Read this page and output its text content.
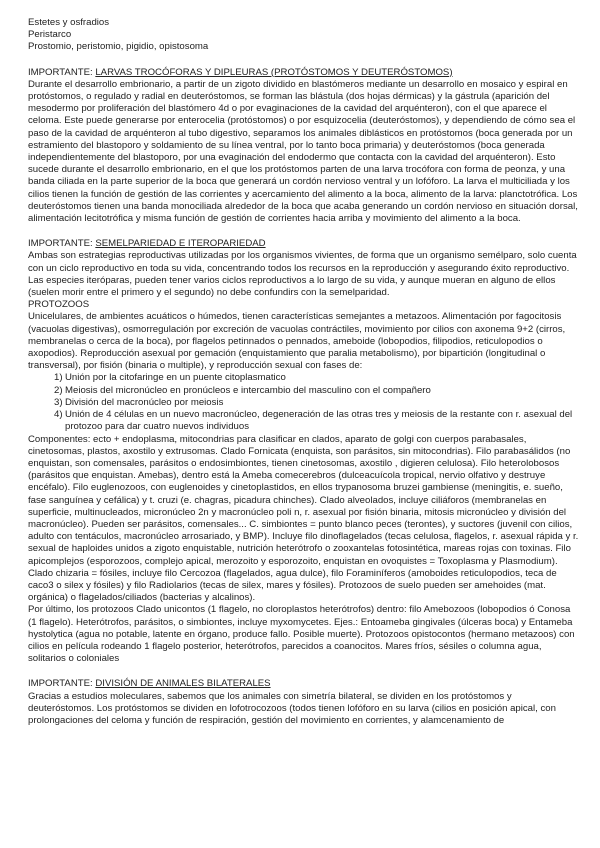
Estetes y osfradios

Peristarco

Prostomio, peristomio, pigidio, opistosoma

IMPORTANTE: LARVAS TROCÓFORAS Y DIPLEURAS (PROTÓSTOMOS Y DEUTERÓSTOMOS)

Durante el desarrollo embrionario, a partir de un zigoto dividido en blastómeros mediante un desarrollo en mosaico y espiral en protóstomos, o regulado y radial en deuteróstomos, se forman las blástula (dos hojas dérmicas) y la gástrula (aparición del mesodermo por proliferación del blastómero 4d o por evaginaciones de la cavidad del arquénteron), con el que aparece el celoma. Este puede generarse por enterocelia (protóstomos) o por esquizocelia (deuteróstomos), y dependiendo de cómo sea el paso de la cavidad de arquénteron al tubo digestivo, separamos los animales diblásticos en protóstomos (boca generada por un estramiento del blastoporo y soldamiento de su línea ventral, por lo tanto boca primaria) y deuteróstomos (boca generada independientemente del blastoporo, por una evaginación del endodermo que contacta con la cavidad del arquénteron). Esto sucede durante el desarrollo embrionario, en el que los protóstomos parten de una larva trocófora con forma de peonza, y una banda ciliada en la parte superior de la boca que generará un cordón nervioso ventral y un lofóforo. La larva el multiciliada y los cilios tienen la función de gestión de las corrientes y acercamiento del alimento a la boca, alimento de la larva: planctotrófica. Los deuteróstomos tienen una banda monociliada alrededor de la boca que acaba generando un cordón nervioso en situación dorsal, alimentación lecitotrófica y misma función de gestión de corrientes hacia arriba y movimiento del alimento a la boca.

IMPORTANTE: SEMELPARIEDAD E ITEROPARIEDAD

Ambas son estrategias reproductivas utilizadas por los organismos vivientes, de forma que un organismo semélparo, solo cuenta con un ciclo reproductivo en toda su vida, concentrando todos los recursos en la reproducción y asegurando éxito reproductivo. Las especies iteróparas, pueden tener varios ciclos reproductivos a lo largo de su vida, y aunque mueran en alguno de ellos (suelen morir entre el primero y el segundo) no debe confundirs con la semelparidad.

PROTOZOOS

Unicelulares, de ambientes acuáticos o húmedos, tienen características semejantes a metazoos. Alimentación por fagocitosis (vacuolas digestivas), osmorregulación por excreción de vacuolas contráctiles, movimiento por cilios con axonema 9+2 (cirros, membranelas o cerca de la boca), por flagelos petinnados o pennados, ameboide (lobopodios, filipodios, reticulopodios o axopodios). Reproducción asexual por gemación (enquistamiento que paralia metabolismo), por bipartición (longitudinal o transversal), por fisión (binaria o multiple), y reproducción sexual con fases de:

1) Unión por la citofaringe en un puente citoplasmatico
2) Meiosis del micronúcleo en pronúcleos e intercambio del masculino con el compañero
3) División del macronúcleo por meiosis
4) Unión de 4 células en un nuevo macronúcleo, degeneración de las otras tres y meiosis de la restante con r. asexual del protozoo para dar cuatro nuevos individuos

Componentes: ecto + endoplasma, mitocondrias para clasificar en clados, aparato de golgi con cuerpos parabasales, cinetosomas, plastos, axostilo y extrusomas. Clado Fornicata (enquista, son parásitos, sin mitocondrias). Filo parabasálidos (no enquistan, son comensales, parásitos o endosimbiontes, tienen cinetosomas, axostilo , digieren celulosa). Filo heterolobosos (parásitos que enquistan. Amebas), dentro está la Ameba comecerebros (dulceacuícola tropical, nervio olfativo y destruye encéfalo). Filo euglenozoos, con euglenoides y cinetoplastidos, en ellos trypanosoma bruzei gambiense (meningitis, e. sueño, fase sanguínea y cefálica) y t. cruzi (e. chagras, picadura chinches). Clado alveolados, incluye ciliáforos (membranelas en superficie, multinucleados, micronúcleo 2n y macronúcleo poli n, r. asexual por fisión binaria, mitosis micronúcleo y división del macronúcleo). Pueden ser parásitos, comensales... C. simbiontes = punto blanco peces (terontes), y suctores (juvenil con cilios, adulto con tentáculos, macronúcleo arrosariado, y BMP). Incluye filo dinoflagelados (tecas celulosa, flagelos, r. asexual rápida y r. sexual de haploides unidos a zigoto enquistable, nutrición heterótrofo o zooxantelas fotosintética, mareas rojas con toxinas. Filo apicomplejos (esporozoos, complejo apical, merozoito y esporozoito, enquistan en ovoquistes = Toxoplasma y Plasmodium). Clado chizaria = fósiles, incluye filo Cercozoa (flagelados, agua dulce), filo Foraminíferos (amoboides reticulopodios, teca de caco3 o silex y fósiles) y filo Radiolarios (tecas de silex, mares y fósiles). Protozoos de suelo pueden ser amehoides (mat. orgánica) o flagelados/ciliados (bacterias y alcalinos).

Por último, los protozoos Clado unicontos (1 flagelo, no cloroplastos heterótrofos) dentro: filo Amebozoos (lobopodios ó Conosa (1 flagelo). Heterótrofos, parásitos, o simbiontes, incluye myxomycetes. Ejes.: Entoameba gingivales (úlceras boca) y Entameba hystolytica (agua no potable, latente en órgano, produce fallo. Posible muerte). Protozoos opistocontos (hermano metazoos) con cilios en película rodeando 1 flagelo posterior, heterótrofos, parecidos a coanocitos. Mares fríos, sésiles o columna agua, solitarios o coloniales

IMPORTANTE: DIVISIÓN DE ANIMALES BILATERALES

Gracias a estudios moleculares, sabemos que los animales con simetría bilateral, se dividen en los protóstomos y deuteróstomos. Los protóstomos se dividen en lofotrocozoos (todos tienen lofóforo en su larva (cilios en posición apical, con prolongaciones del celoma y función de respiración, gestión del movimiento en corrientes, y alamcenamiento de
